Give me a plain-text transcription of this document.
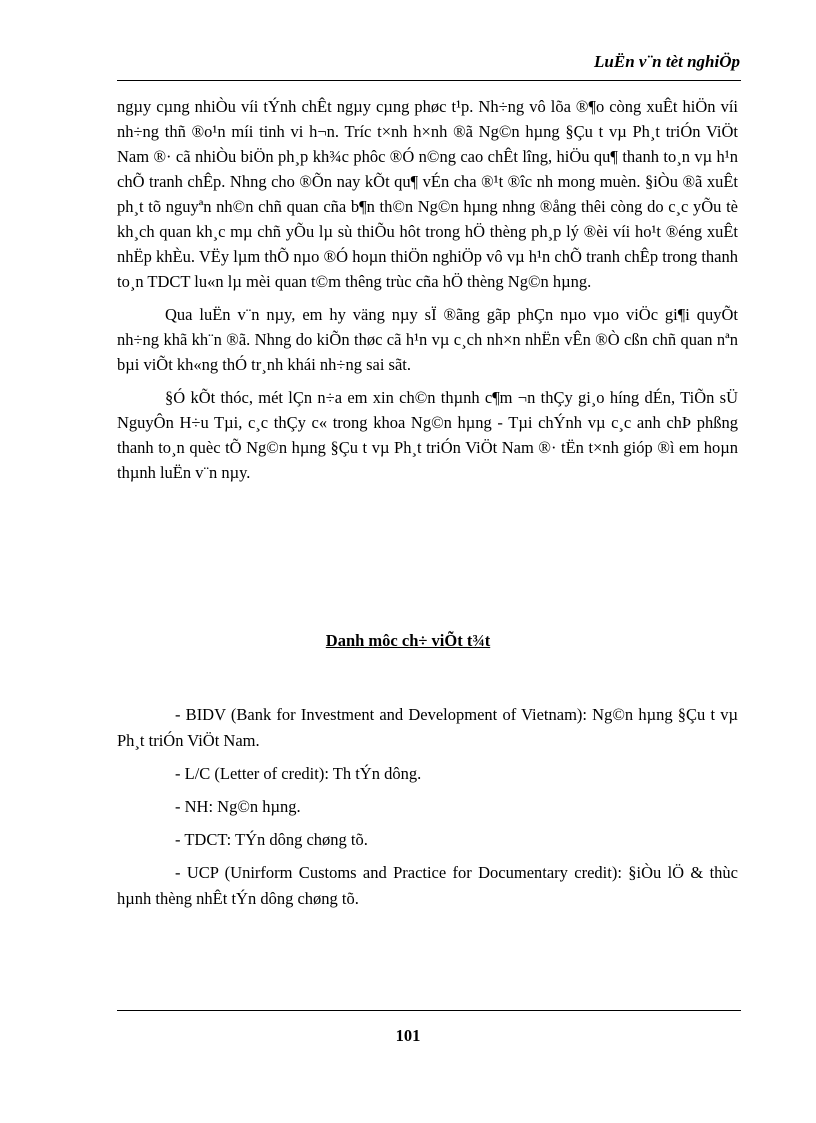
LuËn v¨n tèt nghiÖp

ngµy cµng nhiÒu víi tÝnh chÊt ngµy cµng phøc t¹p. Nh÷ng vô lõa ®¶o còng xuÊt hiÖn víi nh÷ng thñ ®o¹n míi tinh vi h¬n. Tríc t×nh h×nh ®ã Ng©n hµng §Çu t vµ Ph¸t triÓn ViÖt Nam ®· cã nhiÒu biÖn ph¸p kh¾c phôc ®Ó n©ng cao chÊt lîng, hiÖu qu¶ thanh to¸n vµ h¹n chÕ tranh chÊp. Nhng cho ®Õn nay kÕt qu¶ vÉn cha ®¹t ®îc nh mong muèn. §iÒu ®ã xuÊt ph¸t tõ nguyªn nh©n chñ quan cña b¶n th©n Ng©n hµng nhng ®ång thêi còng do c¸c yÕu tè kh¸ch quan kh¸c mµ chñ yÕu lµ sù thiÕu hôt trong hÖ thèng ph¸p lý ®èi víi ho¹t ®éng xuÊt nhËp khÈu. VËy lµm thÕ nµo ®Ó hoµn thiÖn nghiÖp vô vµ h¹n chÕ tranh chÊp trong thanh to¸n TDCT lu«n lµ mèi quan t©m thêng trùc cña hÖ thèng Ng©n hµng.

Qua luËn v¨n nµy, em hy väng nµy sÏ ®ãng gãp phÇn nµo vµo viÖc gi¶i quyÕt nh÷ng khã kh¨n ®ã. Nhng do kiÕn thøc cã h¹n vµ c¸ch nh×n nhËn vÊn ®Ò cßn chñ quan nªn bµi viÕt kh«ng thÓ tr¸nh khái nh÷ng sai sãt.

§Ó kÕt thóc, mét lÇn n÷a em xin ch©n thµnh c¶m ¬n thÇy gi¸o híng dÉn, TiÕn sÜ NguyÔn H÷u Tµi, c¸c thÇy c« trong khoa Ng©n hµng - Tµi chÝnh vµ c¸c anh chÞ phßng thanh to¸n quèc tÕ Ng©n hµng §Çu t vµ Ph¸t triÓn ViÖt Nam ®· tËn t×nh gióp ®ì em hoµn thµnh luËn v¨n nµy.

Danh môc ch÷ viÕt t¾t

- BIDV (Bank for Investment and Development of Vietnam): Ng©n hµng §Çu t vµ Ph¸t triÓn ViÖt Nam.

- L/C (Letter of credit): Th tÝn dông.

- NH: Ng©n hµng.

- TDCT: TÝn dông chøng tõ.

- UCP (Unirform Customs and Practice for Documentary credit): §iÒu lÖ & thùc hµnh thèng nhÊt tÝn dông chøng tõ.

101
